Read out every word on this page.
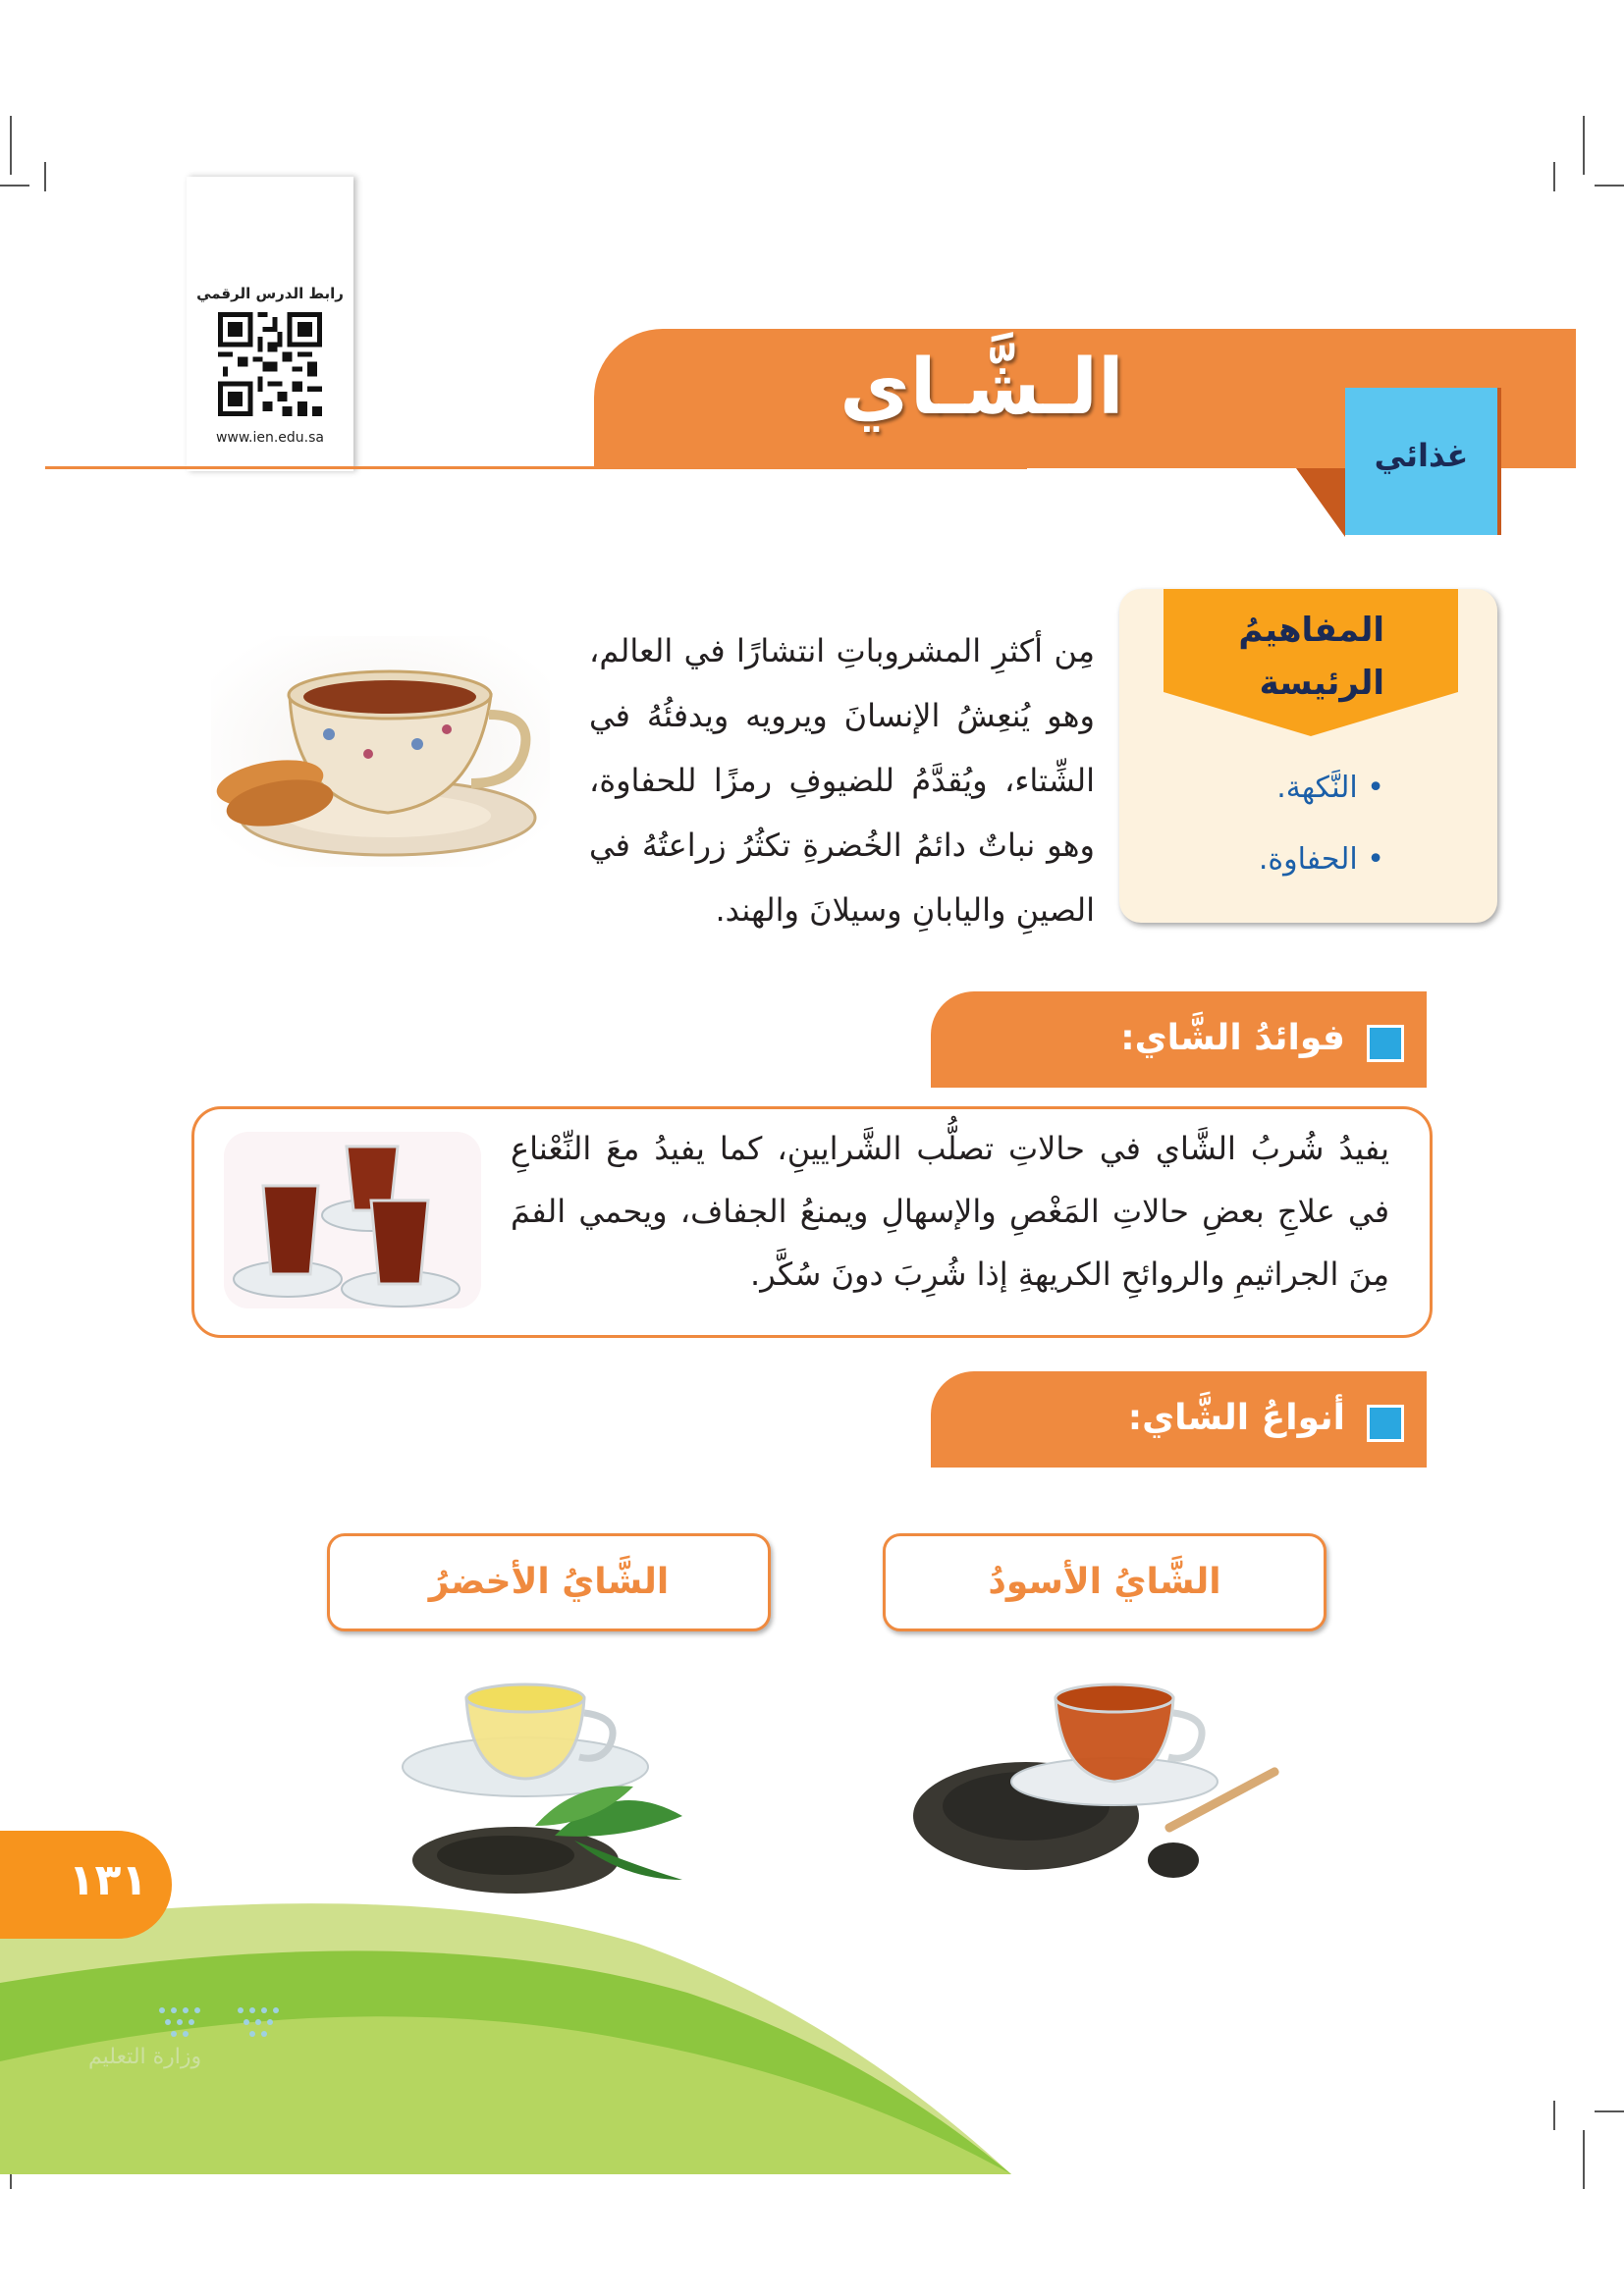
رابط الدرس الرقمي
www.ien.edu.sa
الـشَّـاي
غذائي
المفاهيمُ
الرئيسة
• النَّكهة.
• الحفاوة.
مِن أكثرِ المشروباتِ انتشارًا في العالم، وهو يُنعِشُ الإنسانَ ويرويه ويدفئُهُ في الشِّتاء، ويُقدَّمُ للضيوفِ رمزًا للحفاوة، وهو نباتٌ دائمُ الخُضرةِ تكثُرُ زراعتُهُ في الصينِ واليابانِ وسيلانَ والهند.
فوائدُ الشَّاي:
يفيدُ شُربُ الشَّاي في حالاتِ تصلُّب الشَّرايينِ، كما يفيدُ معَ النِّعْناعِ في علاجِ بعضِ حالاتِ المَغْصِ والإسهالِ ويمنعُ الجفاف، ويحمي الفمَ مِنَ الجراثيمِ والروائحِ الكريهةِ إذا شُرِبَ دونَ سُكَّر.
أنواعُ الشَّاي:
الشَّايُ الأسودُ
الشَّايُ الأخضرُ
وزارة التعليم
١٣١
